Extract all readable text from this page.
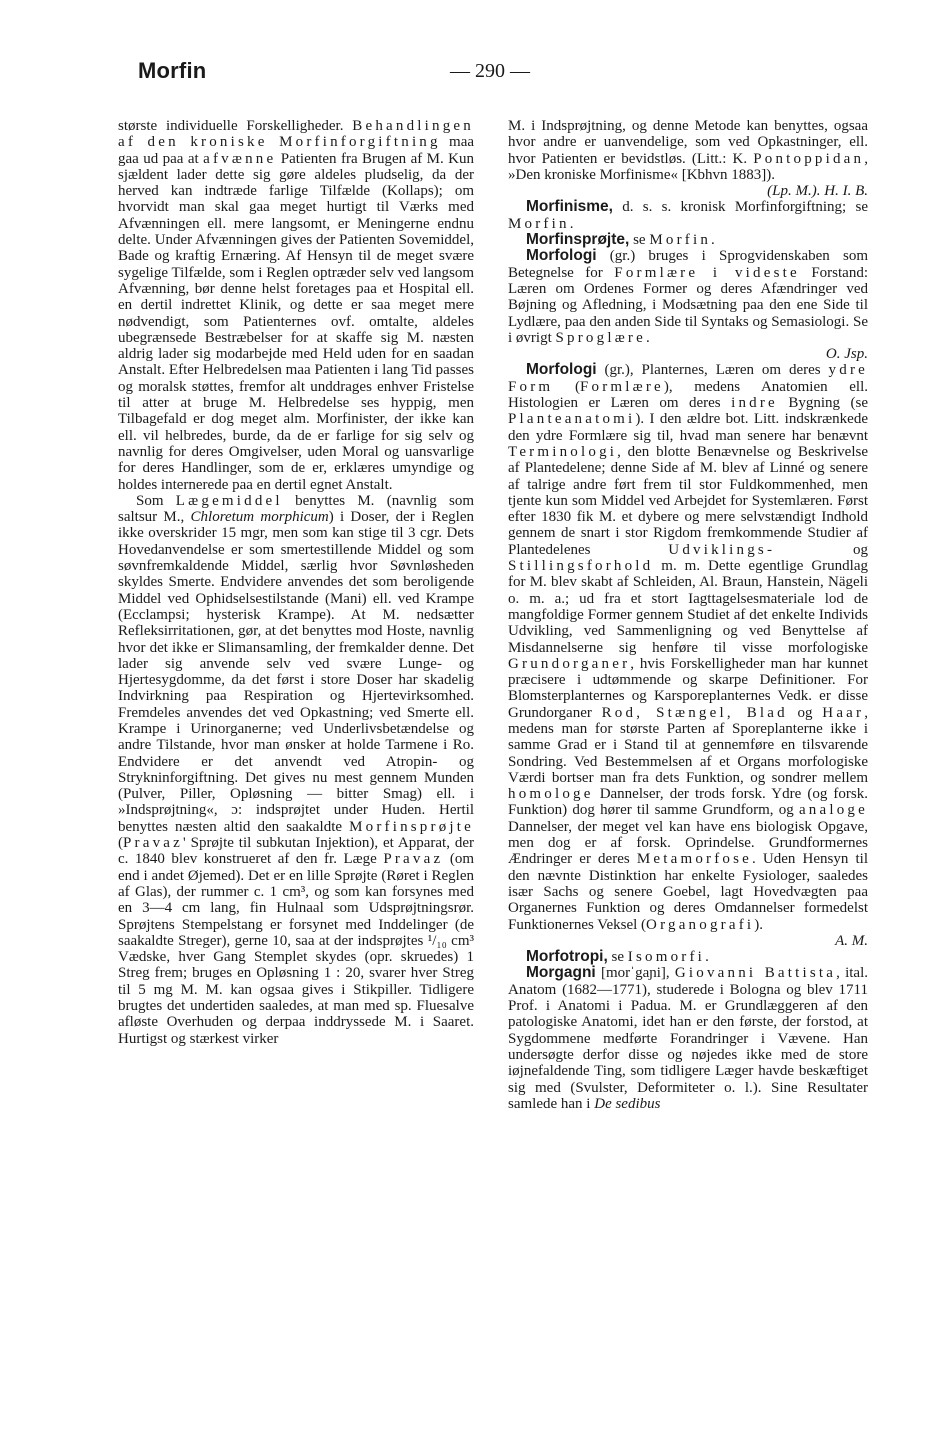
Morfin	— 290 —

største individuelle Forskelligheder. Behandlingen af den kroniske Morfinforgiftning maa gaa ud paa at afvænne Patienten fra Brugen af M. Kun sjældent lader dette sig gøre aldeles pludselig, da der herved kan indtræde farlige Tilfælde (Kollaps); om hvorvidt man skal gaa meget hurtigt til Værks med Afvænningen ell. mere langsomt, er Meningerne endnu delte. Under Afvænningen gives der Patienten Sovemiddel, Bade og kraftig Ernæring. Af Hensyn til de meget svære sygelige Tilfælde, som i Reglen optræder selv ved langsom Afvænning, bør denne helst foretages paa et Hospital ell. en dertil indrettet Klinik, og dette er saa meget mere nødvendigt, som Patienternes ovf. omtalte, aldeles ubegrænsede Bestræbelser for at skaffe sig M. næsten aldrig lader sig modarbejde med Held uden for en saadan Anstalt. Efter Helbredelsen maa Patienten i lang Tid passes og moralsk støttes, fremfor alt unddrages enhver Fristelse til atter at bruge M. Helbredelse ses hyppig, men Tilbagefald er dog meget alm. Morfinister, der ikke kan ell. vil helbredes, burde, da de er farlige for sig selv og navnlig for deres Omgivelser, uden Moral og uansvarlige for deres Handlinger, som de er, erklæres umyndige og holdes internerede paa en dertil egnet Anstalt.

Som Lægemiddel benyttes M. (navnlig som saltsur M., Chloretum morphicum) i Doser, der i Reglen ikke overskrider 15 mgr, men som kan stige til 3 cgr. Dets Hovedanvendelse er som smertestillende Middel og som søvnfremkaldende Middel, særlig hvor Søvnløsheden skyldes Smerte. Endvidere anvendes det som beroligende Middel ved Ophidselsestilstande (Mani) ell. ved Krampe (Ecclampsi; hysterisk Krampe). At M. nedsætter Refleksirritationen, gør, at det benyttes mod Hoste, navnlig hvor det ikke er Slimansamling, der fremkalder denne. Det lader sig anvende selv ved svære Lunge- og Hjertesygdomme, da det først i store Doser har skadelig Indvirkning paa Respiration og Hjertevirksomhed. Fremdeles anvendes det ved Opkastning; ved Smerte ell. Krampe i Urinorganerne; ved Underlivsbetændelse og andre Tilstande, hvor man ønsker at holde Tarmene i Ro. Endvidere er det anvendt ved Atropin- og Strykninforgiftning. Det gives nu mest gennem Munden (Pulver, Piller, Opløsning — bitter Smag) ell. i »Indsprøjtning«, ɔ: indsprøjtet under Huden. Hertil benyttes næsten altid den saakaldte Morfinsprøjte (Pravaz' Sprøjte til subkutan Injektion), et Apparat, der c. 1840 blev konstrueret af den fr. Læge Pravaz (om end i andet Øjemed). Det er en lille Sprøjte (Røret i Reglen af Glas), der rummer c. 1 cm³, og som kan forsynes med en 3—4 cm lang, fin Hulnaal som Udsprøjtningsrør. Sprøjtens Stempelstang er forsynet med Inddelinger (de saakaldte Streger), gerne 10, saa at der indsprøjtes ¹/₁₀ cm³ Vædske, hver Gang Stemplet skydes (opr. skruedes) 1 Streg frem; bruges en Opløsning 1 : 20, svarer hver Streg til 5 mg M. M. kan ogsaa gives i Stikpiller. Tidligere brugtes det undertiden saaledes, at man med sp. Fluesalve afløste Overhuden og derpaa inddryssede M. i Saaret. Hurtigst og stærkest virker

M. i Indsprøjtning, og denne Metode kan benyttes, ogsaa hvor andre er uanvendelige, som ved Opkastninger, ell. hvor Patienten er bevidstløs. (Litt.: K. Pontoppidan, »Den kroniske Morfinisme« [Kbhvn 1883]).

(Lp. M.). H. I. B.

Morfinisme, d. s. s. kronisk Morfinforgiftning; se Morfin.

Morfinsprøjte, se Morfin.

Morfologi (gr.) bruges i Sprogvidenskaben som Betegnelse for Formlære i videste Forstand: Læren om Ordenes Former og deres Afændringer ved Bøjning og Afledning, i Modsætning paa den ene Side til Lydlære, paa den anden Side til Syntaks og Semasiologi. Se i øvrigt Sproglære.
O. Jsp.

Morfologi (gr.), Planternes, Læren om deres ydre Form (Formlære), medens Anatomien ell. Histologien er Læren om deres indre Bygning (se Planteanatomi). I den ældre bot. Litt. indskrænkede den ydre Formlære sig til, hvad man senere har benævnt Terminologi, den blotte Benævnelse og Beskrivelse af Plantedelene; denne Side af M. blev af Linné og senere af talrige andre ført frem til stor Fuldkommenhed, men tjente kun som Middel ved Arbejdet for Systemlæren. Først efter 1830 fik M. et dybere og mere selvstændigt Indhold gennem de snart i stor Rigdom fremkommende Studier af Plantedelenes Udviklings- og Stillingsforhold m. m. Dette egentlige Grundlag for M. blev skabt af Schleiden, Al. Braun, Hanstein, Nägeli o. m. a.; ud fra et stort Iagttagelsesmateriale lod de mangfoldige Former gennem Studiet af det enkelte Individs Udvikling, ved Sammenligning og ved Benyttelse af Misdannelserne sig henføre til visse morfologiske Grundorganer, hvis Forskelligheder man har kunnet præcisere i udtømmende og skarpe Definitioner. For Blomsterplanternes og Karsporeplanternes Vedk. er disse Grundorganer Rod, Stængel, Blad og Haar, medens man for største Parten af Sporeplanterne ikke i samme Grad er i Stand til at gennemføre en tilsvarende Sondring. Ved Bestemmelsen af et Organs morfologiske Værdi bortser man fra dets Funktion, og sondrer mellem homologe Dannelser, der trods forsk. Ydre (og forsk. Funktion) dog hører til samme Grundform, og analoge Dannelser, der meget vel kan have ens biologisk Opgave, men dog er af forsk. Oprindelse. Grundformernes Ændringer er deres Metamorfose. Uden Hensyn til den nævnte Distinktion har enkelte Fysiologer, saaledes især Sachs og senere Goebel, lagt Hovedvægten paa Organernes Funktion og deres Omdannelser formedelst Funktionernes Veksel (Organografi).
A. M.

Morfotropi, se Isomorfi.

Morgagni [morˈgaɲi], Giovanni Battista, ital. Anatom (1682—1771), studerede i Bologna og blev 1711 Prof. i Anatomi i Padua. M. er Grundlæggeren af den patologiske Anatomi, idet han er den første, der forstod, at Sygdommene medførte Forandringer i Vævene. Han undersøgte derfor disse og nøjedes ikke med de store iøjnefaldende Ting, som tidligere Læger havde beskæftiget sig med (Svulster, Deformiteter o. l.). Sine Resultater samlede han i De sedibus
